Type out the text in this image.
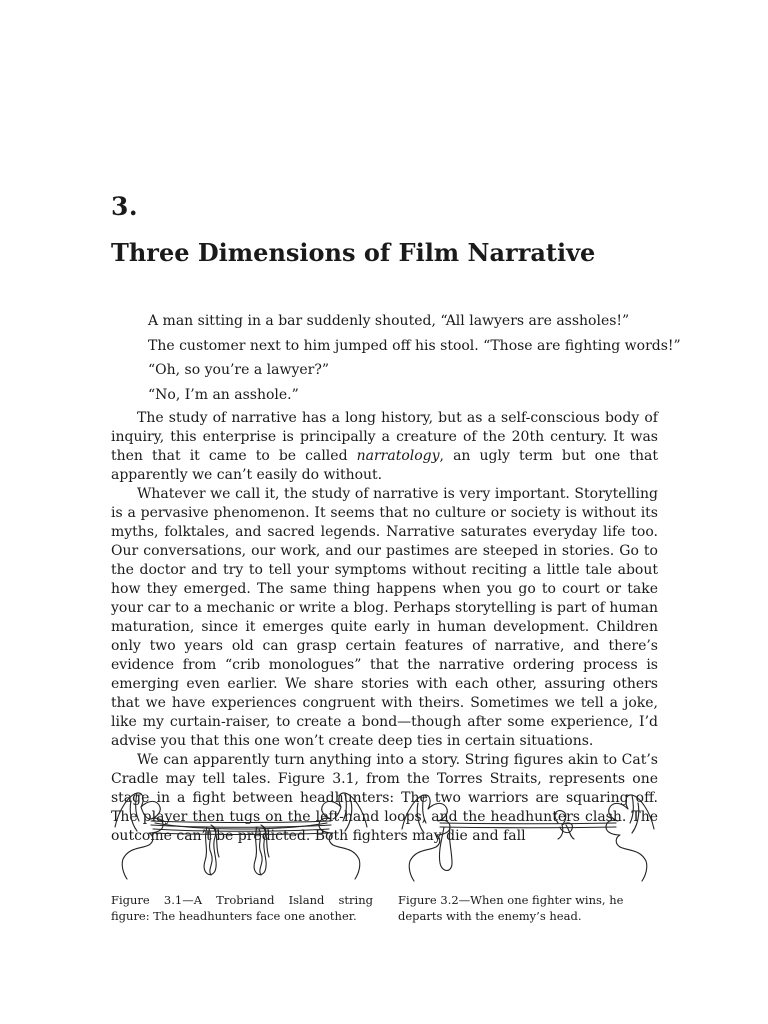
3.
Three Dimensions of Film Narrative

A man sitting in a bar suddenly shouted, “All lawyers are assholes!”

The customer next to him jumped off his stool. “Those are fighting words!”

“Oh, so you’re a lawyer?”

“No, I’m an asshole.”

The study of narrative has a long history, but as a self-conscious body of inquiry, this enterprise is principally a creature of the 20th century. It was then that it came to be called narratology, an ugly term but one that apparently we can’t easily do without.

Whatever we call it, the study of narrative is very important. Storytelling is a pervasive phenomenon. It seems that no culture or society is without its myths, folktales, and sacred legends. Narrative saturates everyday life too. Our conversations, our work, and our pastimes are steeped in stories. Go to the doctor and try to tell your symptoms without reciting a little tale about how they emerged. The same thing happens when you go to court or take your car to a mechanic or write a blog. Perhaps storytelling is part of human maturation, since it emerges quite early in human development. Children only two years old can grasp certain features of narrative, and there’s evidence from “crib monologues” that the narrative ordering process is emerging even earlier. We share stories with each other, assuring others that we have experiences congruent with theirs. Sometimes we tell a joke, like my curtain-raiser, to create a bond—though after some experience, I’d advise you that this one won’t create deep ties in certain situations.

We can apparently turn anything into a story. String figures akin to Cat’s Cradle may tell tales. Figure 3.1, from the Torres Straits, represents one stage in a fight between headhunters: The two warriors are squaring off. The player then tugs on the left-hand loops, and the headhunters clash. The outcome can’t be predicted. Both fighters may die and fall

Figure 3.1—A Trobriand Island string figure: The headhunters face one another.
Figure 3.2—When one fighter wins, he departs with the enemy’s head.
